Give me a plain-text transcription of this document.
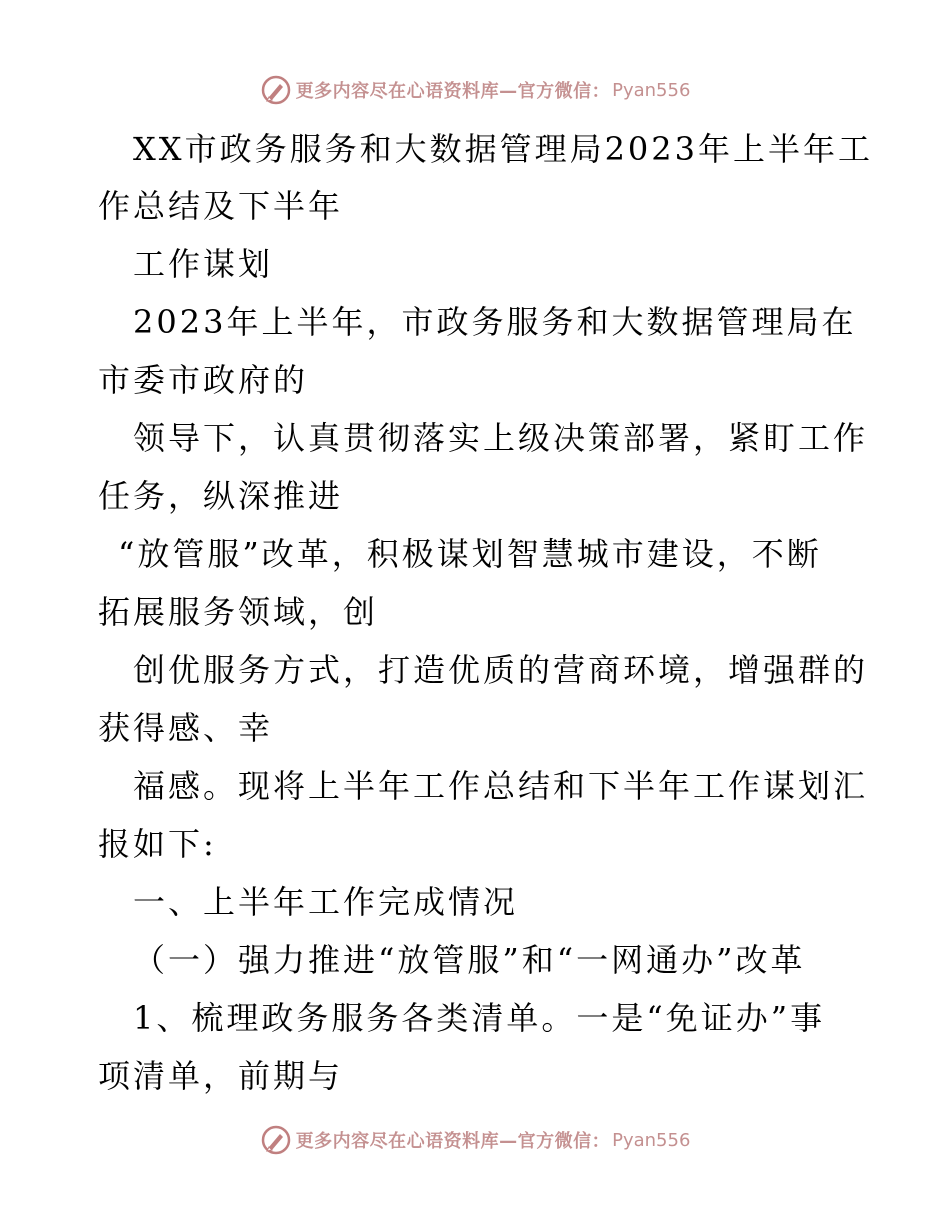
更多内容尽在心语资料库—官方微信： Pyan556
XX市政务服务和大数据管理局2023年上半年工
作总结及下半年
工作谋划
2023年上半年，市政务服务和大数据管理局在
市委市政府的
领导下，认真贯彻落实上级决策部署，紧盯工作
任务，纵深推进
“放管服”改革，积极谋划智慧城市建设，不断
拓展服务领域，创
创优服务方式，打造优质的营商环境，增强群的
获得感、幸
福感。现将上半年工作总结和下半年工作谋划汇
报如下:
一、上半年工作完成情况
（一）强力推进“放管服”和“一网通办”改革
1、梳理政务服务各类清单。一是“免证办”事
项清单，前期与
更多内容尽在心语资料库—官方微信： Pyan556
